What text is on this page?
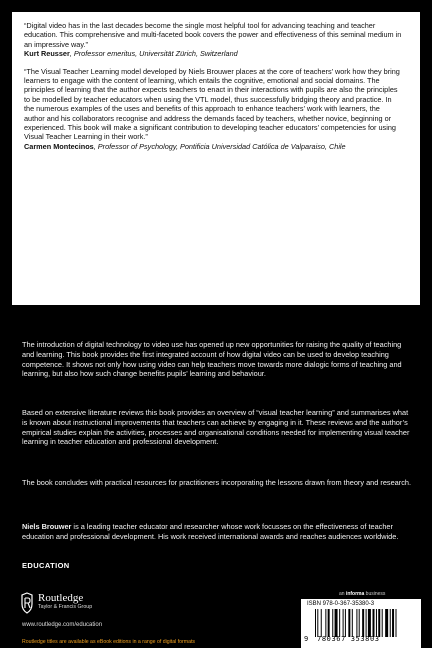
“Digital video has in the last decades become the single most helpful tool for advancing teaching and teacher education. This comprehensive and multi-faceted book covers the power and effectiveness of this seminal medium in an impressive way.”

Kurt Reusser, Professor emeritus, Universität Zürich, Switzerland

“The Visual Teacher Learning model developed by Niels Brouwer places at the core of teachers’ work how they bring learners to engage with the content of learning, which entails the cognitive, emotional and social domains. The principles of learning that the author expects teachers to enact in their interactions with pupils are also the principles to be modelled by teacher educators when using the VTL model, thus successfully bridging theory and practice. In the numerous examples of the uses and benefits of this approach to enhance teachers’ work with learners, the author and his collaborators recognise and address the demands faced by teachers, whether novice, beginning or experienced. This book will make a significant contribution to developing teacher educators’ competencies for using Visual Teacher Learning in their work.”

Carmen Montecinos, Professor of Psychology, Pontificia Universidad Católica de Valparaiso, Chile

The introduction of digital technology to video use has opened up new opportunities for raising the quality of teaching and learning. This book provides the first integrated account of how digital video can be used to develop teaching competence. It shows not only how using video can help teachers move towards more dialogic forms of teaching and learning, but also how such change benefits pupils’ learning and behaviour.

Based on extensive literature reviews this book provides an overview of “visual teacher learning” and summarises what is known about instructional improvements that teachers can achieve by engaging in it. These reviews and the author’s empirical studies explain the activities, processes and organisational conditions needed for implementing visual teacher learning in teacher education and professional development.

The book concludes with practical resources for practitioners incorporating the lessons drawn from theory and research.

Niels Brouwer is a leading teacher educator and researcher whose work focusses on the effectiveness of teacher education and professional development. His work received international awards and reaches audiences worldwide.

EDUCATION

Routledge
Taylor & Francis Group

www.routledge.com/education

Routledge titles are available as eBook editions in a range of digital formats

an informa business

ISBN 978-0-367-35380-3

9 780367 353803
